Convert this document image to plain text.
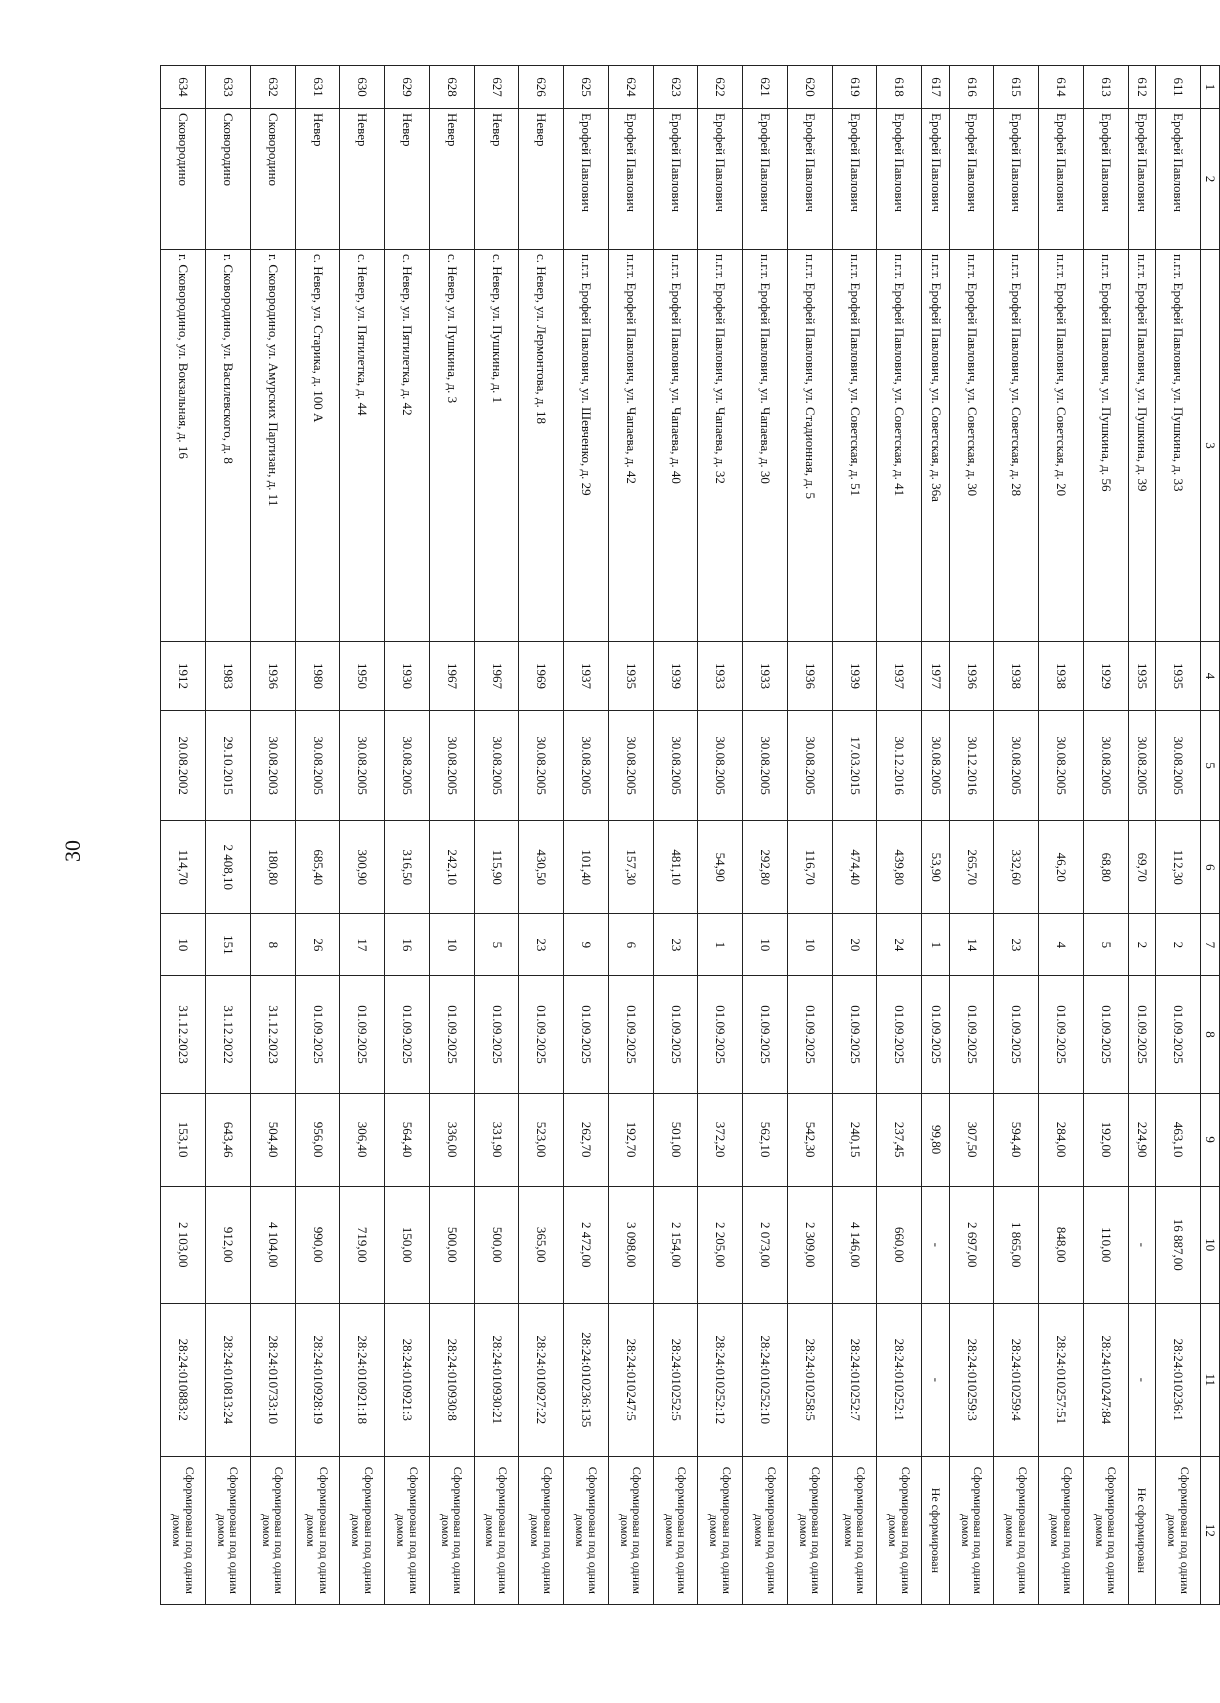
30
1	2	3	4	5	6	7	8	9	10	11	12
611	Ерофей Павлович	п.г.т. Ерофей Павлович, ул. Пушкина, д. 33	1935	30.08.2005	112,30	2	01.09.2025	463,10	16 887,00	28:24:010236:1	Сформирован под одним домом
612	Ерофей Павлович	п.г.т. Ерофей Павлович, ул. Пушкина, д. 39	1935	30.08.2005	69,70	2	01.09.2025	224,90	-	-	Не сформирован
613	Ерофей Павлович	п.г.т. Ерофей Павлович, ул. Пушкина, д. 56	1929	30.08.2005	68,80	5	01.09.2025	192,00	110,00	28:24:010247:84	Сформирован под одним домом
614	Ерофей Павлович	п.г.т. Ерофей Павлович, ул. Советская, д. 20	1938	30.08.2005	46,20	4	01.09.2025	284,00	848,00	28:24:010257:51	Сформирован под одним домом
615	Ерофей Павлович	п.г.т. Ерофей Павлович, ул. Советская, д. 28	1938	30.08.2005	332,60	23	01.09.2025	594,40	1 865,00	28:24:010259:4	Сформирован под одним домом
616	Ерофей Павлович	п.г.т. Ерофей Павлович, ул. Советская, д. 30	1936	30.12.2016	265,70	14	01.09.2025	307,50	2 697,00	28:24:010259:3	Сформирован под одним домом
617	Ерофей Павлович	п.г.т. Ерофей Павлович, ул. Советская, д. 36а	1977	30.08.2005	53,90	1	01.09.2025	99,80	-	-	Не сформирован
618	Ерофей Павлович	п.г.т. Ерофей Павлович, ул. Советская, д. 41	1937	30.12.2016	439,80	24	01.09.2025	237,45	660,00	28:24:010252:1	Сформирован под одним домом
619	Ерофей Павлович	п.г.т. Ерофей Павлович, ул. Советская, д. 51	1939	17.03.2015	474,40	20	01.09.2025	240,15	4 146,00	28:24:010252:7	Сформирован под одним домом
620	Ерофей Павлович	п.г.т. Ерофей Павлович, ул. Стадионная, д. 5	1936	30.08.2005	116,70	10	01.09.2025	542,30	2 309,00	28:24:010258:5	Сформирован под одним домом
621	Ерофей Павлович	п.г.т. Ерофей Павлович, ул. Чапаева, д. 30	1933	30.08.2005	292,80	10	01.09.2025	562,10	2 073,00	28:24:010252:10	Сформирован под одним домом
622	Ерофей Павлович	п.г.т. Ерофей Павлович, ул. Чапаева, д. 32	1933	30.08.2005	54,90	1	01.09.2025	372,20	2 205,00	28:24:010252:12	Сформирован под одним домом
623	Ерофей Павлович	п.г.т. Ерофей Павлович, ул. Чапаева, д. 40	1939	30.08.2005	481,10	23	01.09.2025	501,00	2 154,00	28:24:010252:5	Сформирован под одним домом
624	Ерофей Павлович	п.г.т. Ерофей Павлович, ул. Чапаева, д. 42	1935	30.08.2005	157,30	6	01.09.2025	192,70	3 098,00	28:24:010247:5	Сформирован под одним домом
625	Ерофей Павлович	п.г.т. Ерофей Павлович, ул. Шевченко, д. 29	1937	30.08.2005	101,40	9	01.09.2025	262,70	2 472,00	28:24:010236:135	Сформирован под одним домом
626	Невер	с. Невер, ул. Лермонтова, д. 18	1969	30.08.2005	430,50	23	01.09.2025	523,00	365,00	28:24:010927:22	Сформирован под одним домом
627	Невер	с. Невер, ул. Пушкина, д. 1	1967	30.08.2005	115,90	5	01.09.2025	331,90	500,00	28:24:010930:21	Сформирован под одним домом
628	Невер	с. Невер, ул. Пушкина, д. 3	1967	30.08.2005	242,10	10	01.09.2025	336,00	500,00	28:24:010930:8	Сформирован под одним домом
629	Невер	с. Невер, ул. Пятилетка, д. 42	1930	30.08.2005	316,50	16	01.09.2025	564,40	150,00	28:24:010921:3	Сформирован под одним домом
630	Невер	с. Невер, ул. Пятилетка, д. 44	1950	30.08.2005	300,90	17	01.09.2025	306,40	719,00	28:24:010921:18	Сформирован под одним домом
631	Невер	с. Невер, ул. Старика, д. 100 А	1980	30.08.2005	685,40	26	01.09.2025	956,00	990,00	28:24:010928:19	Сформирован под одним домом
632	Сковородино	г. Сковородино, ул. Амурских Партизан, д. 11	1936	30.08.2003	180,80	8	31.12.2023	504,40	4 104,00	28:24:010733:10	Сформирован под одним домом
633	Сковородино	г. Сковородино, ул. Василевского, д. 8	1983	29.10.2015	2 408,10	151	31.12.2022	643,46	912,00	28:24:010813:24	Сформирован под одним домом
634	Сковородино	г. Сковородино, ул. Вокзальная, д. 16	1912	20.08.2002	114,70	10	31.12.2023	153,10	2 103,00	28:24:010883:2	Сформирован под одним домом
